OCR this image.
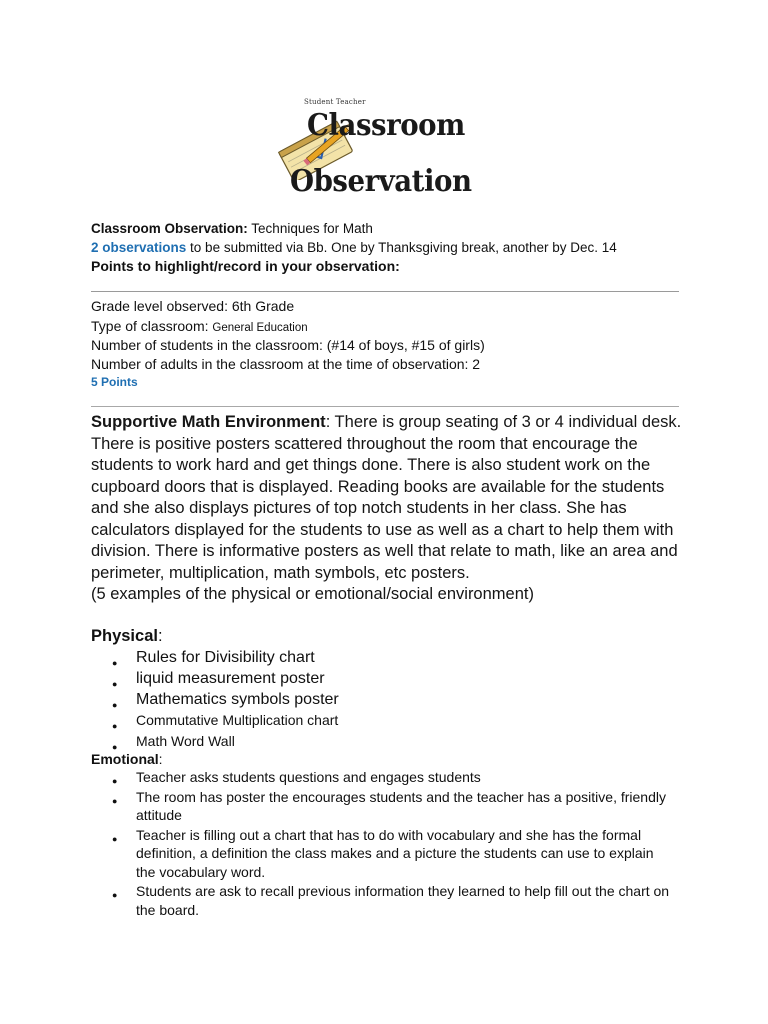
Student Teacher
Classroom
Observation
Classroom Observation: Techniques for Math
2 observations to be submitted via Bb. One by Thanksgiving break, another by Dec. 14
Points to highlight/record in your observation:
Grade level observed: 6th Grade
Type of classroom: General Education
Number of students in the classroom: (#14 of boys, #15 of girls)
Number of adults in the classroom at the time of observation: 2
5 Points
Supportive Math Environment: There is group seating of 3 or 4 individual desk. There is positive posters scattered throughout the room that encourage the students to work hard and get things done. There is also student work on the cupboard doors that is displayed. Reading books are available for the students and she also displays pictures of top notch students in her class. She has calculators displayed for the students to use as well as a chart to help them with division. There is informative posters as well that relate to math, like an area and perimeter, multiplication, math symbols, etc posters.
(5 examples of the physical or emotional/social environment)
Physical:
● Rules for Divisibility chart
● liquid measurement poster
● Mathematics symbols poster
● Commutative Multiplication chart
● Math Word Wall
Emotional:
● Teacher asks students questions and engages students
● The room has poster the encourages students and the teacher has a positive, friendly attitude
● Teacher is filling out a chart that has to do with vocabulary and she has the formal definition, a definition the class makes and a picture the students can use to explain the vocabulary word.
● Students are ask to recall previous information they learned to help fill out the chart on the board.
